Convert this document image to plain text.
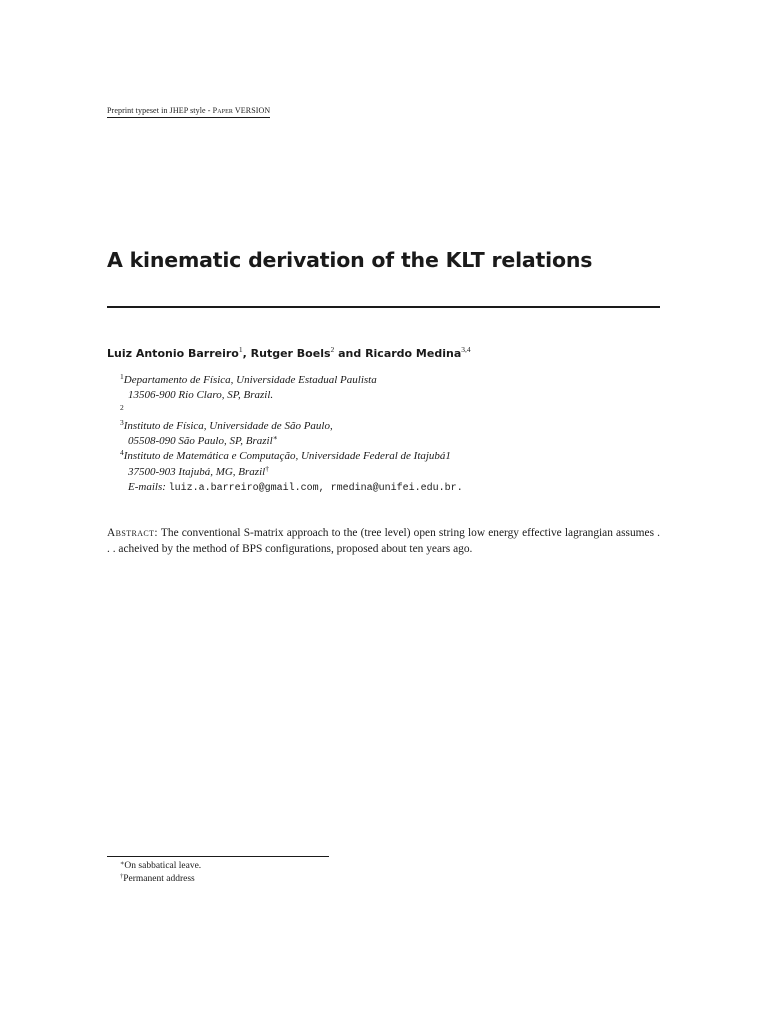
Preprint typeset in JHEP style - Paper VERSION
A kinematic derivation of the KLT relations
Luiz Antonio Barreiro$^1$, Rutger Boels$^2$ and Ricardo Medina$^{3,4}$
$^1$Departamento de Física, Universidade Estadual Paulista
13506-900 Rio Claro, SP, Brazil.
$^2$
$^3$Instituto de Física, Universidade de São Paulo,
05508-090 São Paulo, SP, Brazil∗
$^4$Instituto de Matemática e Computação, Universidade Federal de Itajubá1
37500-903 Itajubá, MG, Brazil†
E-mails: luiz.a.barreiro@gmail.com, rmedina@unifei.edu.br.

Abstract: The conventional S-matrix approach to the (tree level) open string low energy effective lagrangian assumes . . . acheived by the method of BPS configurations, proposed about ten years ago.

∗On sabbatical leave.
†Permanent address
